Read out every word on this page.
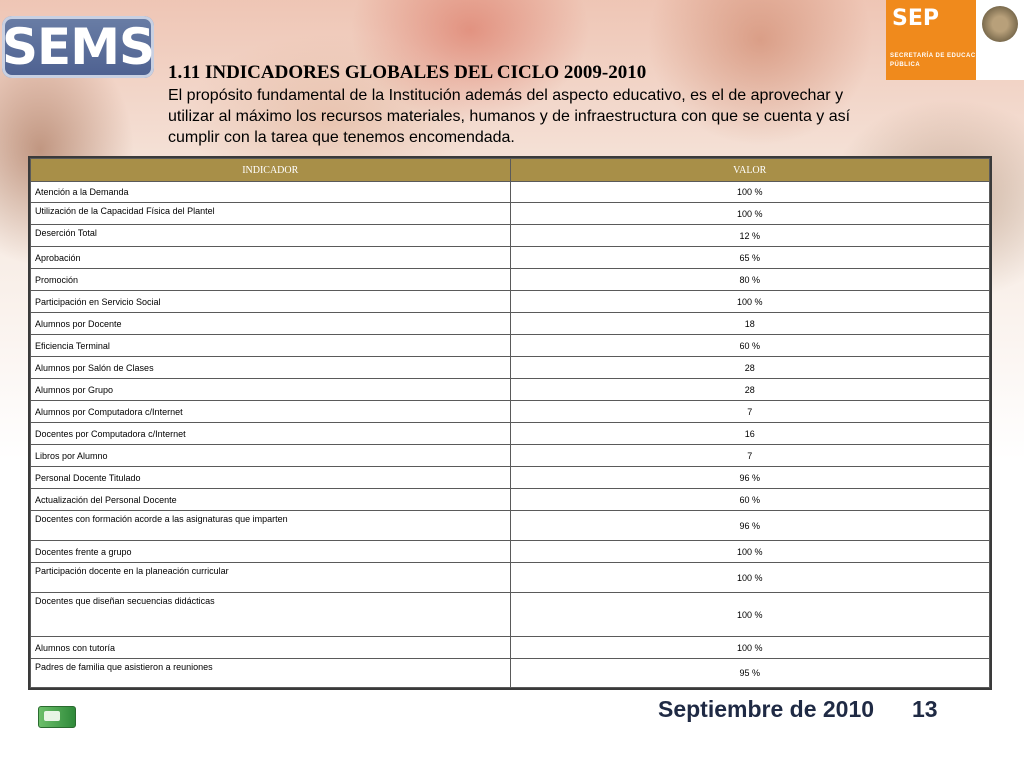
SEMS	SEP
SECRETARÍA DE EDUCACIÓN PÚBLICA
1.11 INDICADORES GLOBALES DEL CICLO 2009-2010
El propósito fundamental de la Institución además del aspecto educativo, es el de aprovechar y utilizar al máximo los recursos materiales, humanos y de infraestructura con que se cuenta y así cumplir con la tarea que tenemos encomendada.
INDICADOR	VALOR
Atención a la Demanda	100 %
Utilización de la Capacidad Física del Plantel	100 %
Deserción Total	12 %
Aprobación	65 %
Promoción	80 %
Participación en Servicio Social	100 %
Alumnos por Docente	18
Eficiencia Terminal	60 %
Alumnos por Salón de Clases	28
Alumnos por Grupo	28
Alumnos por Computadora c/Internet	7
Docentes por Computadora c/Internet	16
Libros por Alumno	7
Personal Docente Titulado	96 %
Actualización del Personal Docente	60 %
Docentes con formación acorde a las asignaturas que imparten	96 %
Docentes frente a grupo	100 %
Participación docente en la planeación curricular	100 %
Docentes que diseñan secuencias didácticas	100 %
Alumnos con tutoría	100 %
Padres de familia que asistieron a reuniones	95 %
Septiembre de 2010 13
